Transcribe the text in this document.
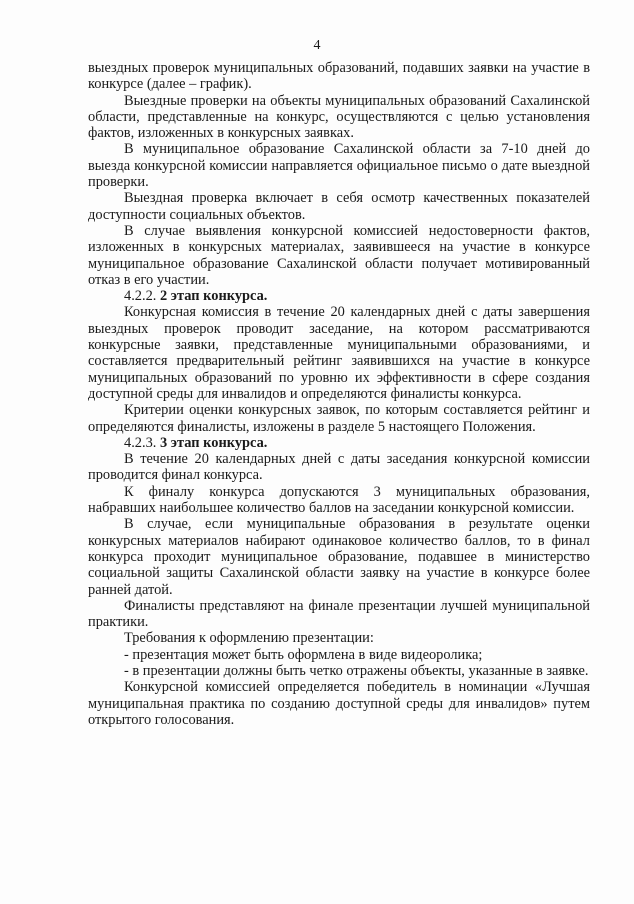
4

выездных проверок муниципальных образований, подавших заявки на участие в конкурсе (далее – график).

Выездные проверки на объекты муниципальных образований Сахалинской области, представленные на конкурс, осуществляются с целью установления фактов, изложенных в конкурсных заявках.

В муниципальное образование Сахалинской области за 7-10 дней до выезда конкурсной комиссии направляется официальное письмо о дате выездной проверки.

Выездная проверка включает в себя осмотр качественных показателей доступности социальных объектов.

В случае выявления конкурсной комиссией недостоверности фактов, изложенных в конкурсных материалах, заявившееся на участие в конкурсе муниципальное образование Сахалинской области получает мотивированный отказ в его участии.

4.2.2. 2 этап конкурса.

Конкурсная комиссия в течение 20 календарных дней с даты завершения выездных проверок проводит заседание, на котором рассматриваются конкурсные заявки, представленные муниципальными образованиями, и составляется предварительный рейтинг заявившихся на участие в конкурсе муниципальных образований по уровню их эффективности в сфере создания доступной среды для инвалидов и определяются финалисты конкурса.

Критерии оценки конкурсных заявок, по которым составляется рейтинг и определяются финалисты, изложены в разделе 5 настоящего Положения.

4.2.3. 3 этап конкурса.

В течение 20 календарных дней с даты заседания конкурсной комиссии проводится финал конкурса.

К финалу конкурса допускаются 3 муниципальных образования, набравших наибольшее количество баллов на заседании конкурсной комиссии.

В случае, если муниципальные образования в результате оценки конкурсных материалов набирают одинаковое количество баллов, то в финал конкурса проходит муниципальное образование, подавшее в министерство социальной защиты Сахалинской области заявку на участие в конкурсе более ранней датой.

Финалисты представляют на финале презентации лучшей муниципальной практики.

Требования к оформлению презентации:

- презентация может быть оформлена в виде видеоролика;

- в презентации должны быть четко отражены объекты, указанные в заявке.

Конкурсной комиссией определяется победитель в номинации «Лучшая муниципальная практика по созданию доступной среды для инвалидов» путем открытого голосования.
